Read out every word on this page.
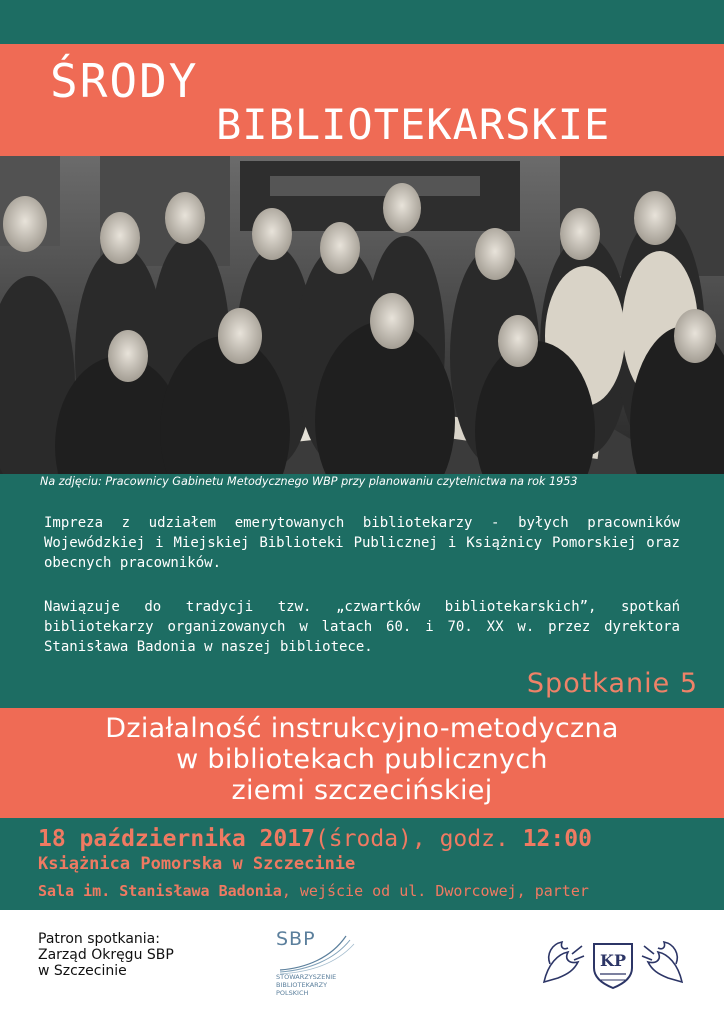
ŚRODY
BIBLIOTEKARSKIE
Na zdjęciu: Pracownicy Gabinetu Metodycznego WBP przy planowaniu czytelnictwa na rok 1953

Impreza z udziałem emerytowanych bibliotekarzy - byłych pracowników Wojewódzkiej i Miejskiej Biblioteki Publicznej i Książnicy Pomorskiej oraz obecnych pracowników.

Nawiązuje do tradycji tzw. „czwartków bibliotekarskich”, spotkań bibliotekarzy organizowanych w latach 60. i 70. XX w. przez dyrektora Stanisława Badonia w naszej bibliotece.

Spotkanie 5
Działalność instrukcyjno-metodyczna
w bibliotekach publicznych
ziemi szczecińskiej
18 października 2017(środa), godz. 12:00
Książnica Pomorska w Szczecinie
Sala im. Stanisława Badonia, wejście od ul. Dworcowej, parter
Patron spotkania:
Zarząd Okręgu SBP
w Szczecinie
SBP
STOWARZYSZENIE
BIBLIOTEKARZY
POLSKICH
KP
